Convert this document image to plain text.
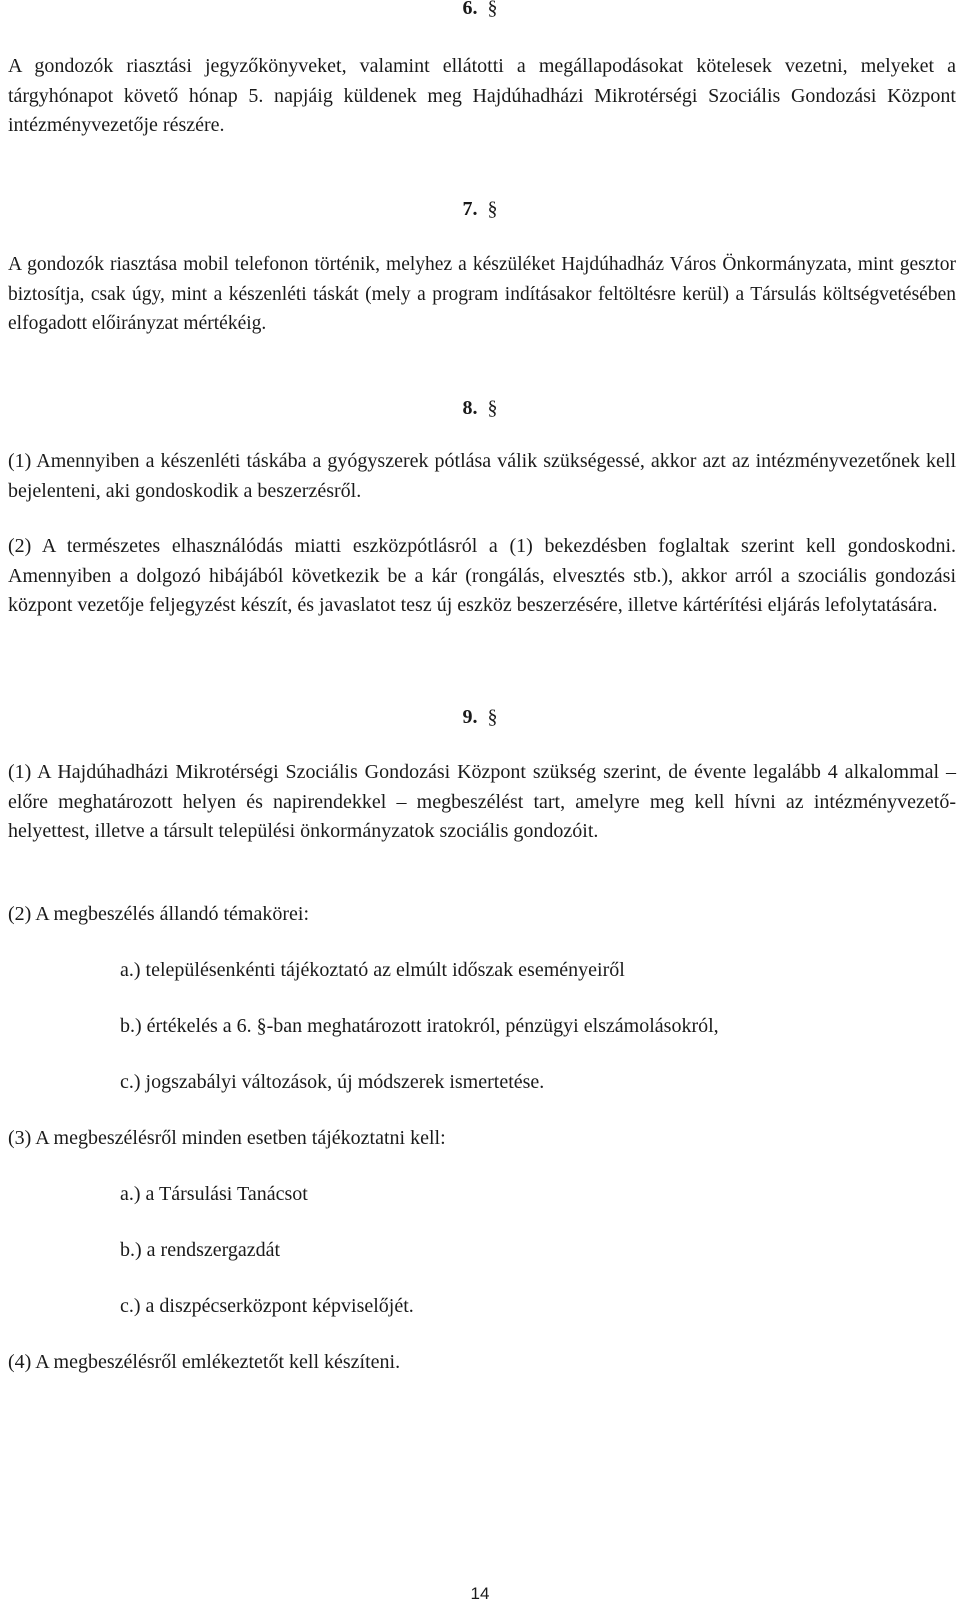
6. §

A gondozók riasztási jegyzőkönyveket, valamint ellátotti a megállapodásokat kötelesek vezetni, melyeket a tárgyhónapot követő hónap 5. napjáig küldenek meg Hajdúhadházi Mikrotérségi Szociális Gondozási Központ intézményvezetője részére.

7. §

A gondozók riasztása mobil telefonon történik, melyhez a készüléket Hajdúhadház Város Önkormányzata, mint gesztor biztosítja, csak úgy, mint a készenléti táskát (mely a program indításakor feltöltésre kerül) a Társulás költségvetésében elfogadott előirányzat mértékéig.

8. §

(1) Amennyiben a készenléti táskába a gyógyszerek pótlása válik szükségessé, akkor azt az intézményvezetőnek kell bejelenteni, aki gondoskodik a beszerzésről.

(2) A természetes elhasználódás miatti eszközpótlásról a (1) bekezdésben foglaltak szerint kell gondoskodni. Amennyiben a dolgozó hibájából következik be a kár (rongálás, elvesztés stb.), akkor arról a szociális gondozási központ vezetője feljegyzést készít, és javaslatot tesz új eszköz beszerzésére, illetve kártérítési eljárás lefolytatására.

9. §

(1) A Hajdúhadházi Mikrotérségi Szociális Gondozási Központ szükség szerint, de évente legalább 4 alkalommal – előre meghatározott helyen és napirendekkel – megbeszélést tart, amelyre meg kell hívni az intézményvezető-helyettest, illetve a társult települési önkormányzatok szociális gondozóit.

(2) A megbeszélés állandó témakörei:

a.) településenkénti tájékoztató az elmúlt időszak eseményeiről

b.) értékelés a 6. §-ban meghatározott iratokról, pénzügyi elszámolásokról,

c.) jogszabályi változások, új módszerek ismertetése.

(3) A megbeszélésről minden esetben tájékoztatni kell:

a.) a Társulási Tanácsot

b.) a rendszergazdát

c.) a diszpécserközpont képviselőjét.

(4) A megbeszélésről emlékeztetőt kell készíteni.

14
